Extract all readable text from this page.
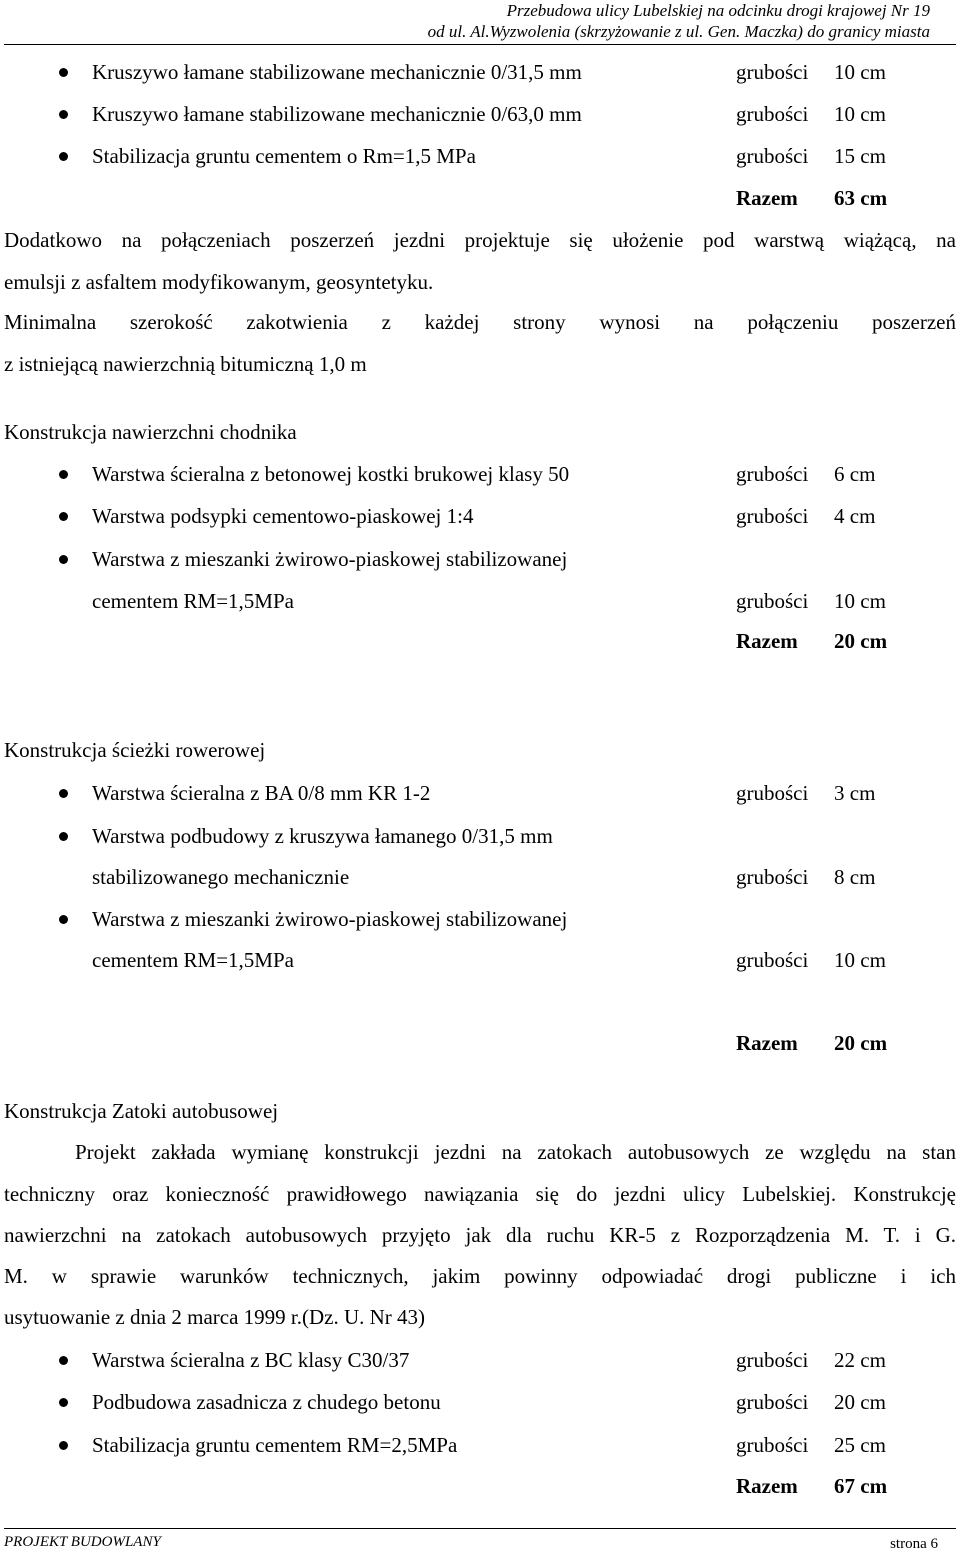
Przebudowa ulicy Lubelskiej na odcinku drogi krajowej Nr 19
od ul. Al.Wyzwolenia (skrzyżowanie z ul. Gen. Maczka) do granicy miasta
Kruszywo łamane stabilizowane mechanicznie 0/31,5 mm	grubości 10 cm
Kruszywo łamane stabilizowane mechanicznie 0/63,0 mm	grubości 10 cm
Stabilizacja gruntu cementem o Rm=1,5 MPa	grubości 15 cm
Razem 63 cm
Dodatkowo na połączeniach poszerzeń jezdni projektuje się ułożenie pod warstwą wiążącą, na
emulsji z asfaltem modyfikowanym, geosyntetyku.
Minimalna szerokość zakotwienia z każdej strony wynosi na połączeniu poszerzeń
z istniejącą nawierzchnią bitumiczną 1,0 m
Konstrukcja nawierzchni chodnika
Warstwa ścieralna z betonowej kostki brukowej klasy 50	grubości 6 cm
Warstwa podsypki cementowo-piaskowej 1:4	grubości 4 cm
Warstwa z mieszanki żwirowo-piaskowej stabilizowanej
cementem RM=1,5MPa	grubości 10 cm
Razem 20 cm
Konstrukcja ścieżki rowerowej
Warstwa ścieralna z BA 0/8 mm KR 1-2	grubości 3 cm
Warstwa podbudowy z kruszywa łamanego 0/31,5 mm
stabilizowanego mechanicznie	grubości 8 cm
Warstwa z mieszanki żwirowo-piaskowej stabilizowanej
cementem RM=1,5MPa	grubości 10 cm
Razem 20 cm
Konstrukcja Zatoki autobusowej
Projekt zakłada wymianę konstrukcji jezdni na zatokach autobusowych ze względu na stan
techniczny oraz konieczność prawidłowego nawiązania się do jezdni ulicy Lubelskiej. Konstrukcję
nawierzchni na zatokach autobusowych przyjęto jak dla ruchu KR-5 z Rozporządzenia M. T. i G.
M. w sprawie warunków technicznych, jakim powinny odpowiadać drogi publiczne i ich
usytuowanie z dnia 2 marca 1999 r.(Dz. U. Nr 43)
Warstwa ścieralna z BC klasy C30/37	grubości 22 cm
Podbudowa zasadnicza z chudego betonu	grubości 20 cm
Stabilizacja gruntu cementem RM=2,5MPa	grubości 25 cm
Razem 67 cm
PROJEKT BUDOWLANY	strona 6
